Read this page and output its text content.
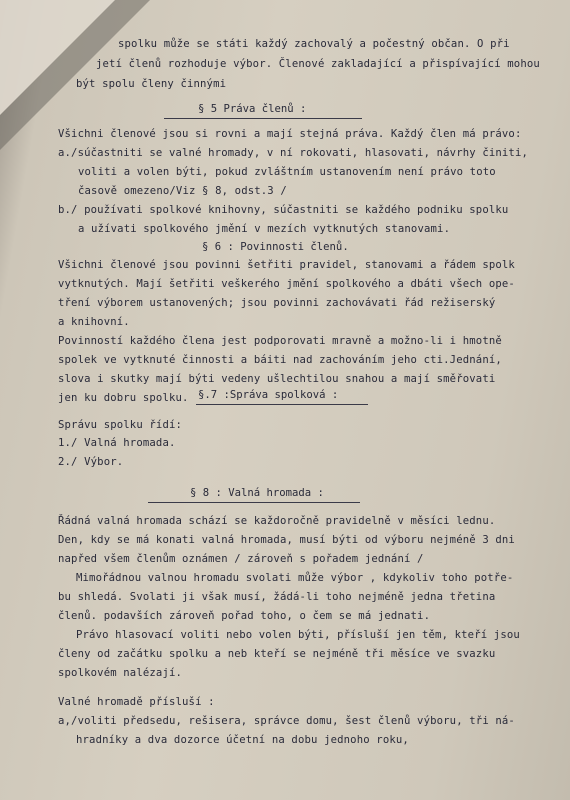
spolku může se státi každý zachovalý a počestný občan. O při
jetí členů rozhoduje výbor. Členové zakladající a přispívající mohou
být spolu členy činnými
§ 5 Práva členů :
Všichni členové jsou si rovni a mají stejná práva. Každý člen má právo:
a./súčastniti se valné hromady, v ní rokovati, hlasovati, návrhy činiti,
voliti a volen býti, pokud zvláštním ustanovením není právo toto
časově omezeno/Viz § 8, odst.3 /
b./ používati spolkové knihovny, súčastniti se každého podniku spolku
a užívati spolkového jmění v mezích vytknutých stanovami.
§ 6 : Povinnosti členů.
Všichni členové jsou povinni šetřiti pravidel, stanovami a řádem spolk
vytknutých. Mají šetřiti veškerého jmění spolkového a dbáti všech ope-
tření výborem ustanovených; jsou povinni zachovávati řád režiserský
a knihovní.
Povinností každého člena jest podporovati mravně a možno-li i hmotně
spolek ve vytknuté činnosti a báiti nad zachováním jeho cti.Jednání,
slova i skutky mají býti vedeny ušlechtilou snahou a mají směřovati
jen ku dobru spolku. §.7 :Správa spolková :
Správu spolku řídí:
1./ Valná hromada.
2./ Výbor.
§ 8 : Valná hromada :
Řádná valná hromada schází se každoročně pravidelně v měsíci lednu.
Den, kdy se má konati valná hromada, musí býti od výboru nejméně 3 dni
napřed všem členům oznámen / zároveň s pořadem jednání /
Mimořádnou valnou hromadu svolati může výbor , kdykoliv toho potře-
bu shledá. Svolati ji však musí, žádá-li toho nejméně jedna třetina
členů. podavších zároveň pořad toho, o čem se má jednati.
Právo hlasovací voliti nebo volen býti, přísluší jen těm, kteří jsou
členy od začátku spolku a neb kteří se nejméně tři měsíce ve svazku
spolkovém nalézají.
Valné hromadě přísluší :
a,/voliti předsedu, rešisera, správce domu, šest členů výboru, tři ná-
hradníky a dva dozorce účetní na dobu jednoho roku,
